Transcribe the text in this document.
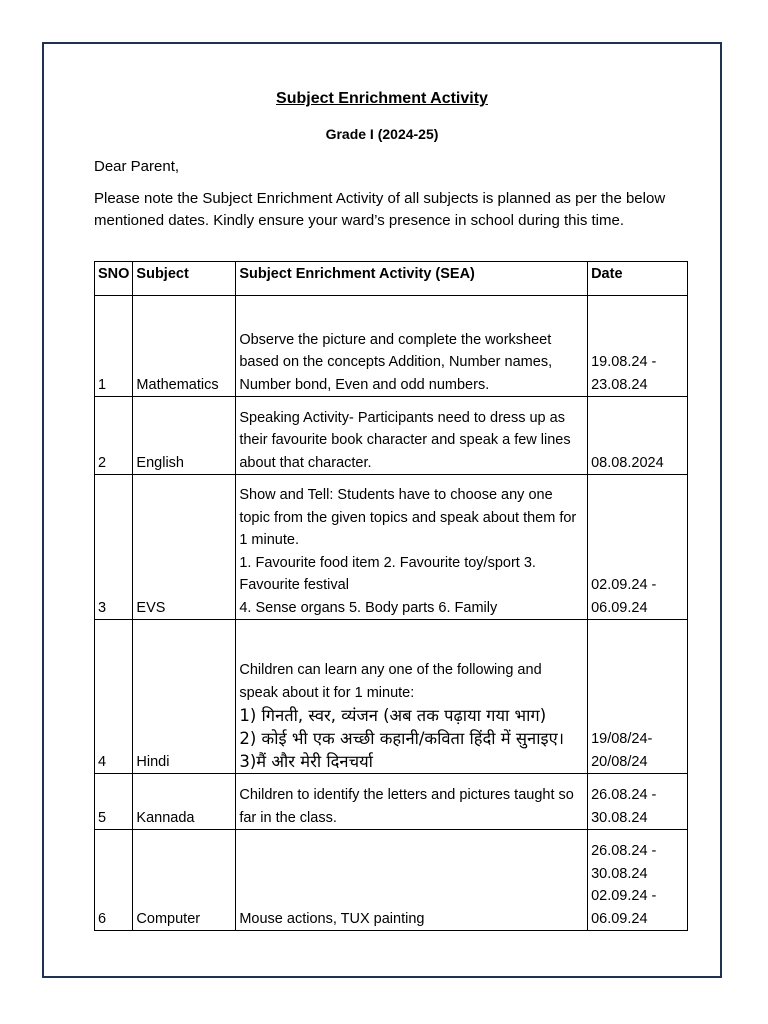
Subject Enrichment Activity
Grade I (2024-25)
Dear Parent,
Please note the Subject Enrichment Activity of all subjects is planned as per the below mentioned dates. Kindly ensure your ward’s presence in school during this time.
SNO	Subject	Subject Enrichment Activity (SEA)	Date
1	Mathematics	Observe the picture and complete the worksheet based on the concepts Addition, Number names, Number bond, Even and odd numbers.	19.08.24 -
23.08.24

2	English	Speaking Activity- Participants need to dress up as their favourite book character and speak a few lines about that character.	08.08.2024

3	EVS	Show and Tell: Students have to choose any one topic from the given topics and speak about them for 1 minute.
1. Favourite food item 2. Favourite toy/sport 3. Favourite festival
4. Sense organs 5. Body parts 6. Family	02.09.24 -
06.09.24

4	Hindi	Children can learn any one of the following and speak about it for 1 minute:
1) गिनती, स्वर, व्यंजन (अब तक पढ़ाया गया भाग)
2) कोई भी एक अच्छी कहानी/कविता हिंदी में सुनाइए।
3)मैं और मेरी दिनचर्या	19/08/24-
20/08/24

5	Kannada	Children to identify the letters and pictures taught so far in the class.	26.08.24 -
30.08.24

6	Computer	Mouse actions, TUX painting	26.08.24 -
30.08.24
02.09.24 -
06.09.24
